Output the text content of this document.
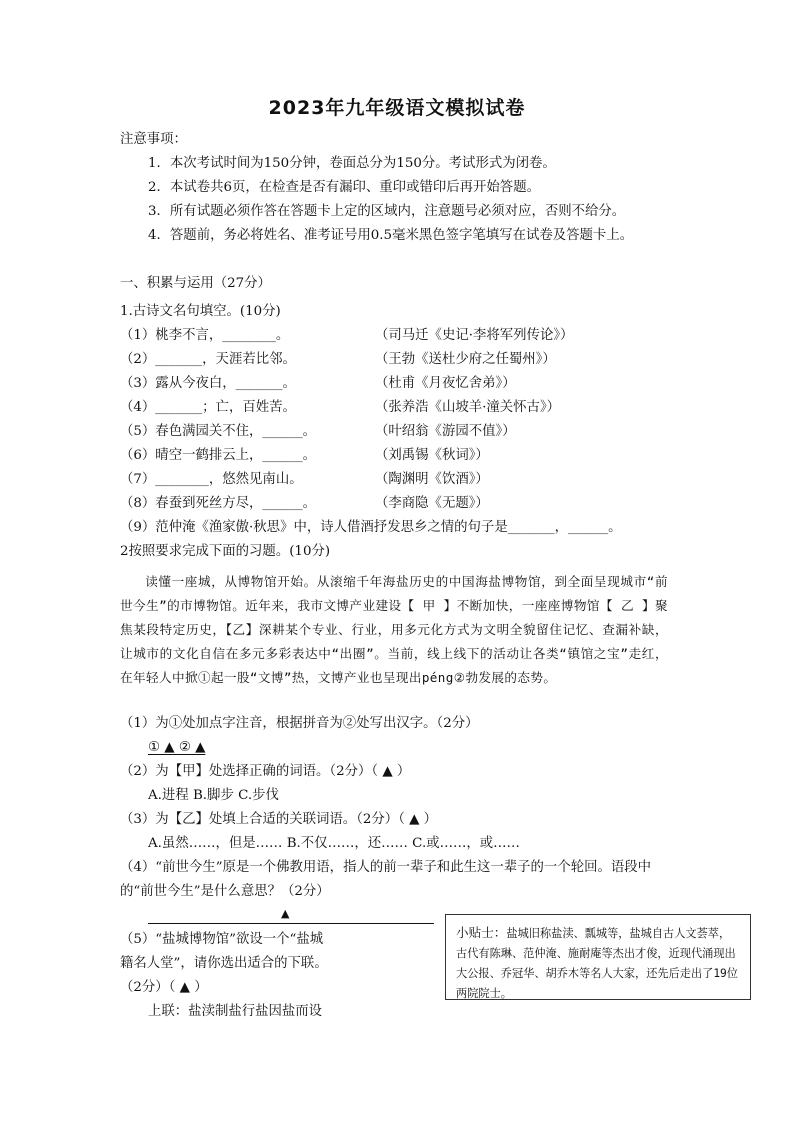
2023年九年级语文模拟试卷
注意事项：
1．本次考试时间为150分钟，卷面总分为150分。考试形式为闭卷。
2．本试卷共6页，在检查是否有漏印、重印或错印后再开始答题。
3．所有试题必须作答在答题卡上定的区域内，注意题号必须对应，否则不给分。
4．答题前，务必将姓名、准考证号用0.5毫米黑色签字笔填写在试卷及答题卡上。
一、积累与运用（27分）
1.古诗文名句填空。(10分)
（1）桃李不言，________。	（司马迁《史记·李将军列传论》）
（2）_______，天涯若比邻。	（王勃《送杜少府之任蜀州》）
（3）露从今夜白，_______。	（杜甫《月夜忆舍弟》）
（4）_______；亡，百姓苦。	（张养浩《山坡羊·潼关怀古》）
（5）春色满园关不住，______。	（叶绍翁《游园不值》）
（6）晴空一鹤排云上，______。	（刘禹锡《秋词》）
（7）________，悠然见南山。	（陶渊明《饮酒》）
（8）春蚕到死丝方尽，______。	（李商隐《无题》）
（9）范仲淹《渔家傲·秋思》中，诗人借酒抒发思乡之情的句子是_______，______。
2按照要求完成下面的习题。(10分)

读懂一座城，从博物馆开始。从滚缩千年海盐历史的中国海盐博物馆，到全面呈现城市“前世今生”的市博物馆。近年来，我市文博产业建设【 甲 】不断加快，一座座博物馆【 乙 】聚焦某段特定历史，【乙】深耕某个专业、行业，用多元化方式为文明全貌留住记忆、查漏补缺，让城市的文化自信在多元多彩表达中“出圈”。当前，线上线下的活动让各类“镇馆之宝”走红，在年轻人中掀①起一股“文博”热，文博产业也呈现出péng②勃发展的态势。

（1）为①处加点字注音，根据拼音为②处写出汉字。（2分）
① ▲ ② ▲
（2）为【甲】处选择正确的词语。（2分）（ ▲ ）
A.进程 B.脚步 C.步伐
（3）为【乙】处填上合适的关联词语。（2分）（ ▲ ）
A.虽然……，但是…… B.不仅……，还…… C.或……，或……
（4）“前世今生”原是一个佛教用语，指人的前一辈子和此生这一辈子的一个轮回。语段中
的“前世今生”是什么意思？（2分）
▲
（5）“盐城博物馆”欲设一个“盐城
籍名人堂”，请你选出适合的下联。
（2分）（ ▲ ）
上联：盐渎制盐行盐因盐而设
小贴士：盐城旧称盐渎、瓢城等，盐城自古人文荟萃，古代有陈琳、范仲淹、施耐庵等杰出才俊，近现代涌现出大公报、乔冠华、胡乔木等名人大家，还先后走出了19位两院院士。
